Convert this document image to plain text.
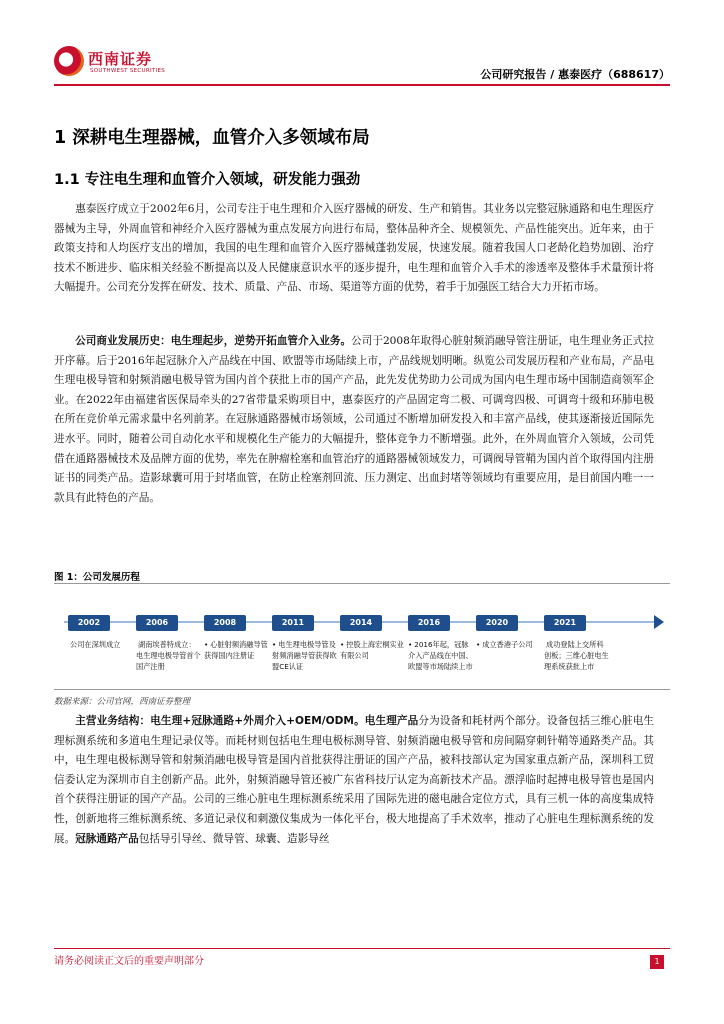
西南证券
SOUTHWEST SECURITIES	公司研究报告 / 惠泰医疗（688617）
1 深耕电生理器械，血管介入多领域布局
1.1 专注电生理和血管介入领域，研发能力强劲
惠泰医疗成立于2002年6月，公司专注于电生理和介入医疗器械的研发、生产和销售。其业务以完整冠脉通路和电生理医疗器械为主导，外周血管和神经介入医疗器械为重点发展方向进行布局，整体品种齐全、规模领先、产品性能突出。近年来，由于政策支持和人均医疗支出的增加，我国的电生理和血管介入医疗器械蓬勃发展，快速发展。随着我国人口老龄化趋势加剧、治疗技术不断进步、临床相关经验不断提高以及人民健康意识水平的逐步提升，电生理和血管介入手术的渗透率及整体手术量预计将大幅提升。公司充分发挥在研发、技术、质量、产品、市场、渠道等方面的优势，着手于加强医工结合大力开拓市场。
公司商业发展历史：电生理起步，逆势开拓血管介入业务。公司于2008年取得心脏射频消融导管注册证，电生理业务正式拉开序幕。后于2016年起冠脉介入产品线在中国、欧盟等市场陆续上市，产品线规划明晰。纵览公司发展历程和产业布局，产品电生理电极导管和射频消融电极导管为国内首个获批上市的国产产品，此先发优势助力公司成为国内电生理市场中国制造商领军企业。在2022年由福建省医保局牵头的27省带量采购项目中，惠泰医疗的产品固定弯二极、可调弯四极、可调弯十级和环肺电极在所在竞价单元需求量中名列前茅。在冠脉通路器械市场领域，公司通过不断增加研发投入和丰富产品线，使其逐渐接近国际先进水平。同时，随着公司自动化水平和规模化生产能力的大幅提升，整体竞争力不断增强。此外，在外周血管介入领域，公司凭借在通路器械技术及品牌方面的优势，率先在肿瘤栓塞和血管治疗的通路器械领域发力，可调阀导管鞘为国内首个取得国内注册证书的同类产品。造影球囊可用于封堵血管，在防止栓塞剂回流、压力测定、出血封堵等领域均有重要应用，是目前国内唯一一款具有此特色的产品。
图 1：公司发展历程
2002
公司在深圳成立
2006
湖南埃普特成立：电生理电极导管首个国产注册
2008
• 心脏射频消融导管获得国内注册证
2011
• 电生理电极导管及射频消融导管获得欧盟CE认证
2014
• 控股上海宏桐实业有限公司
2016
• 2016年起，冠脉介入产品线在中国、欧盟等市场陆续上市
2020
• 成立香港子公司
2021
成功登陆上交所科创板；三维心脏电生理系统获批上市
数据来源：公司官网，西南证券整理
主营业务结构：电生理+冠脉通路+外周介入+OEM/ODM。电生理产品分为设备和耗材两个部分。设备包括三维心脏电生理标测系统和多道电生理记录仪等。而耗材则包括电生理电极标测导管、射频消融电极导管和房间隔穿刺针鞘等通路类产品。其中，电生理电极标测导管和射频消融电极导管是国内首批获得注册证的国产产品，被科技部认定为国家重点新产品，深圳科工贸信委认定为深圳市自主创新产品。此外，射频消融导管还被广东省科技厅认定为高新技术产品。漂浮临时起搏电极导管也是国内首个获得注册证的国产产品。公司的三维心脏电生理标测系统采用了国际先进的磁电融合定位方式，具有三机一体的高度集成特性，创新地将三维标测系统、多道记录仪和刺激仪集成为一体化平台，极大地提高了手术效率，推动了心脏电生理标测系统的发展。冠脉通路产品包括导引导丝、微导管、球囊、造影导丝
请务必阅读正文后的重要声明部分	1
